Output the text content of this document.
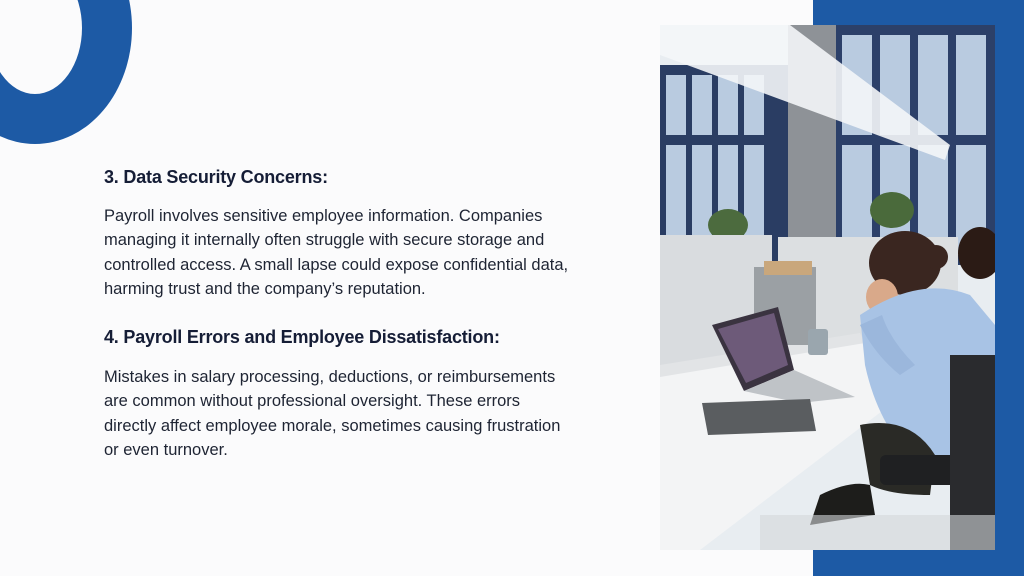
3. Data Security Concerns:

Payroll involves sensitive employee information. Companies managing it internally often struggle with secure storage and controlled access. A small lapse could expose confidential data, harming trust and the company’s reputation.

4. Payroll Errors and Employee Dissatisfaction:

Mistakes in salary processing, deductions, or reimbursements are common without professional oversight. These errors directly affect employee morale, sometimes causing frustration or even turnover.
